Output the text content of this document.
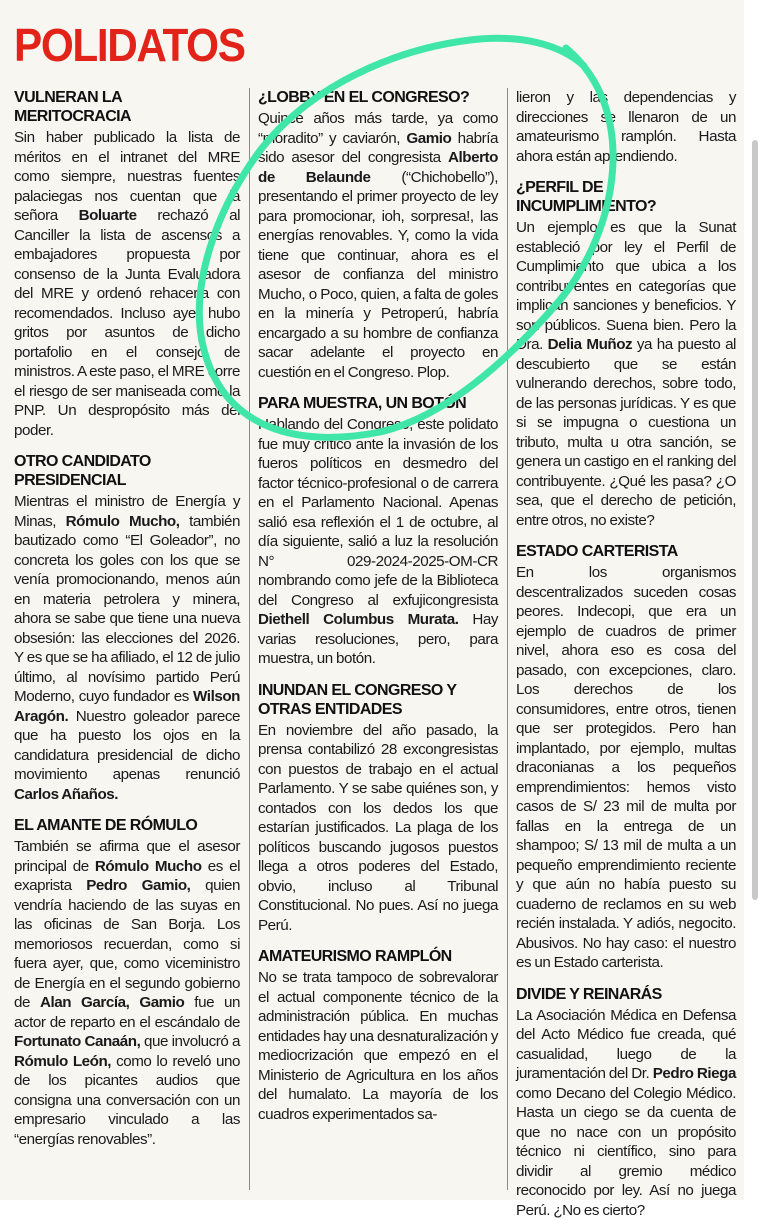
POLIDATOS
VULNERAN LA MERITOCRACIA

Sin haber publicado la lista de méritos en el intranet del MRE como siempre, nuestras fuentes palaciegas nos cuentan que la señora Boluarte rechazó al Canciller la lista de ascensos a embajadores propuesta por consenso de la Junta Evaluadora del MRE y ordenó rehacerla con recomendados. Incluso ayer hubo gritos por asuntos de dicho portafolio en el consejo de ministros. A este paso, el MRE corre el riesgo de ser maniseada como la PNP. Un despropósito más del poder.

OTRO CANDIDATO PRESIDENCIAL

Mientras el ministro de Energía y Minas, Rómulo Mucho, también bautizado como “El Goleador”, no concreta los goles con los que se venía promocionando, menos aún en materia petrolera y minera, ahora se sabe que tiene una nueva obsesión: las elecciones del 2026. Y es que se ha afiliado, el 12 de julio último, al novísimo partido Perú Moderno, cuyo fundador es Wilson Aragón. Nuestro goleador parece que ha puesto los ojos en la candidatura presidencial de dicho movimiento apenas renunció Carlos Añaños.

EL AMANTE DE RÓMULO

También se afirma que el asesor principal de Rómulo Mucho es el exaprista Pedro Gamio, quien vendría haciendo de las suyas en las oficinas de San Borja. Los memoriosos recuerdan, como si fuera ayer, que, como viceministro de Energía en el segundo gobierno de Alan García, Gamio fue un actor de reparto en el escándalo de Fortunato Canaán, que involucró a Rómulo León, como lo reveló uno de los picantes audios que consigna una conversación con un empresario vinculado a las “energías renovables”.

¿LOBBY EN EL CONGRESO?

Quince años más tarde, ya como “moradito” y caviarón, Gamio habría sido asesor del congresista Alberto de Belaunde (“Chichobello”), presentando el primer proyecto de ley para promocionar, ioh, sorpresa!, las energías renovables. Y, como la vida tiene que continuar, ahora es el asesor de confianza del ministro Mucho, o Poco, quien, a falta de goles en la minería y Petroperú, habría encargado a su hombre de confianza sacar adelante el proyecto en cuestión en el Congreso. Plop.

PARA MUESTRA, UN BOTÓN

Hablando del Congreso, este polidato fue muy crítico ante la invasión de los fueros políticos en desmedro del factor técnico-profesional o de carrera en el Parlamento Nacional. Apenas salió esa reflexión el 1 de octubre, al día siguiente, salió a luz la resolución N° 029-2024-2025-OM-CR nombrando como jefe de la Biblioteca del Congreso al exfujicongresista Diethell Columbus Murata. Hay varias resoluciones, pero, para muestra, un botón.

INUNDAN EL CONGRESO Y OTRAS ENTIDADES

En noviembre del año pasado, la prensa contabilizó 28 excongresistas con puestos de trabajo en el actual Parlamento. Y se sabe quiénes son, y contados con los dedos los que estarían justificados. La plaga de los políticos buscando jugosos puestos llega a otros poderes del Estado, obvio, incluso al Tribunal Constitucional. No pues. Así no juega Perú.

AMATEURISMO RAMPLÓN

No se trata tampoco de sobrevalorar el actual componente técnico de la administración pública. En muchas entidades hay una desnaturalización y mediocrización que empezó en el Ministerio de Agricultura en los años del humalato. La mayoría de los cuadros experimentados sa-

lieron y las dependencias y direcciones se llenaron de un amateurismo ramplón. Hasta ahora están aprendiendo.

¿PERFIL DE INCUMPLIMIENTO?

Un ejemplo es que la Sunat estableció por ley el Perfil de Cumplimiento que ubica a los contribuyentes en categorías que implican sanciones y beneficios. Y son públicos. Suena bien. Pero la Dra. Delia Muñoz ya ha puesto al descubierto que se están vulnerando derechos, sobre todo, de las personas jurídicas. Y es que si se impugna o cuestiona un tributo, multa u otra sanción, se genera un castigo en el ranking del contribuyente. ¿Qué les pasa? ¿O sea, que el derecho de petición, entre otros, no existe?

ESTADO CARTERISTA

En los organismos descentralizados suceden cosas peores. Indecopi, que era un ejemplo de cuadros de primer nivel, ahora eso es cosa del pasado, con excepciones, claro. Los derechos de los consumidores, entre otros, tienen que ser protegidos. Pero han implantado, por ejemplo, multas draconianas a los pequeños emprendimientos: hemos visto casos de S/ 23 mil de multa por fallas en la entrega de un shampoo; S/ 13 mil de multa a un pequeño emprendimiento reciente y que aún no había puesto su cuaderno de reclamos en su web recién instalada. Y adiós, negocito. Abusivos. No hay caso: el nuestro es un Estado carterista.

DIVIDE Y REINARÁS

La Asociación Médica en Defensa del Acto Médico fue creada, qué casualidad, luego de la juramentación del Dr. Pedro Riega como Decano del Colegio Médico. Hasta un ciego se da cuenta de que no nace con un propósito técnico ni científico, sino para dividir al gremio médico reconocido por ley. Así no juega Perú. ¿No es cierto?
